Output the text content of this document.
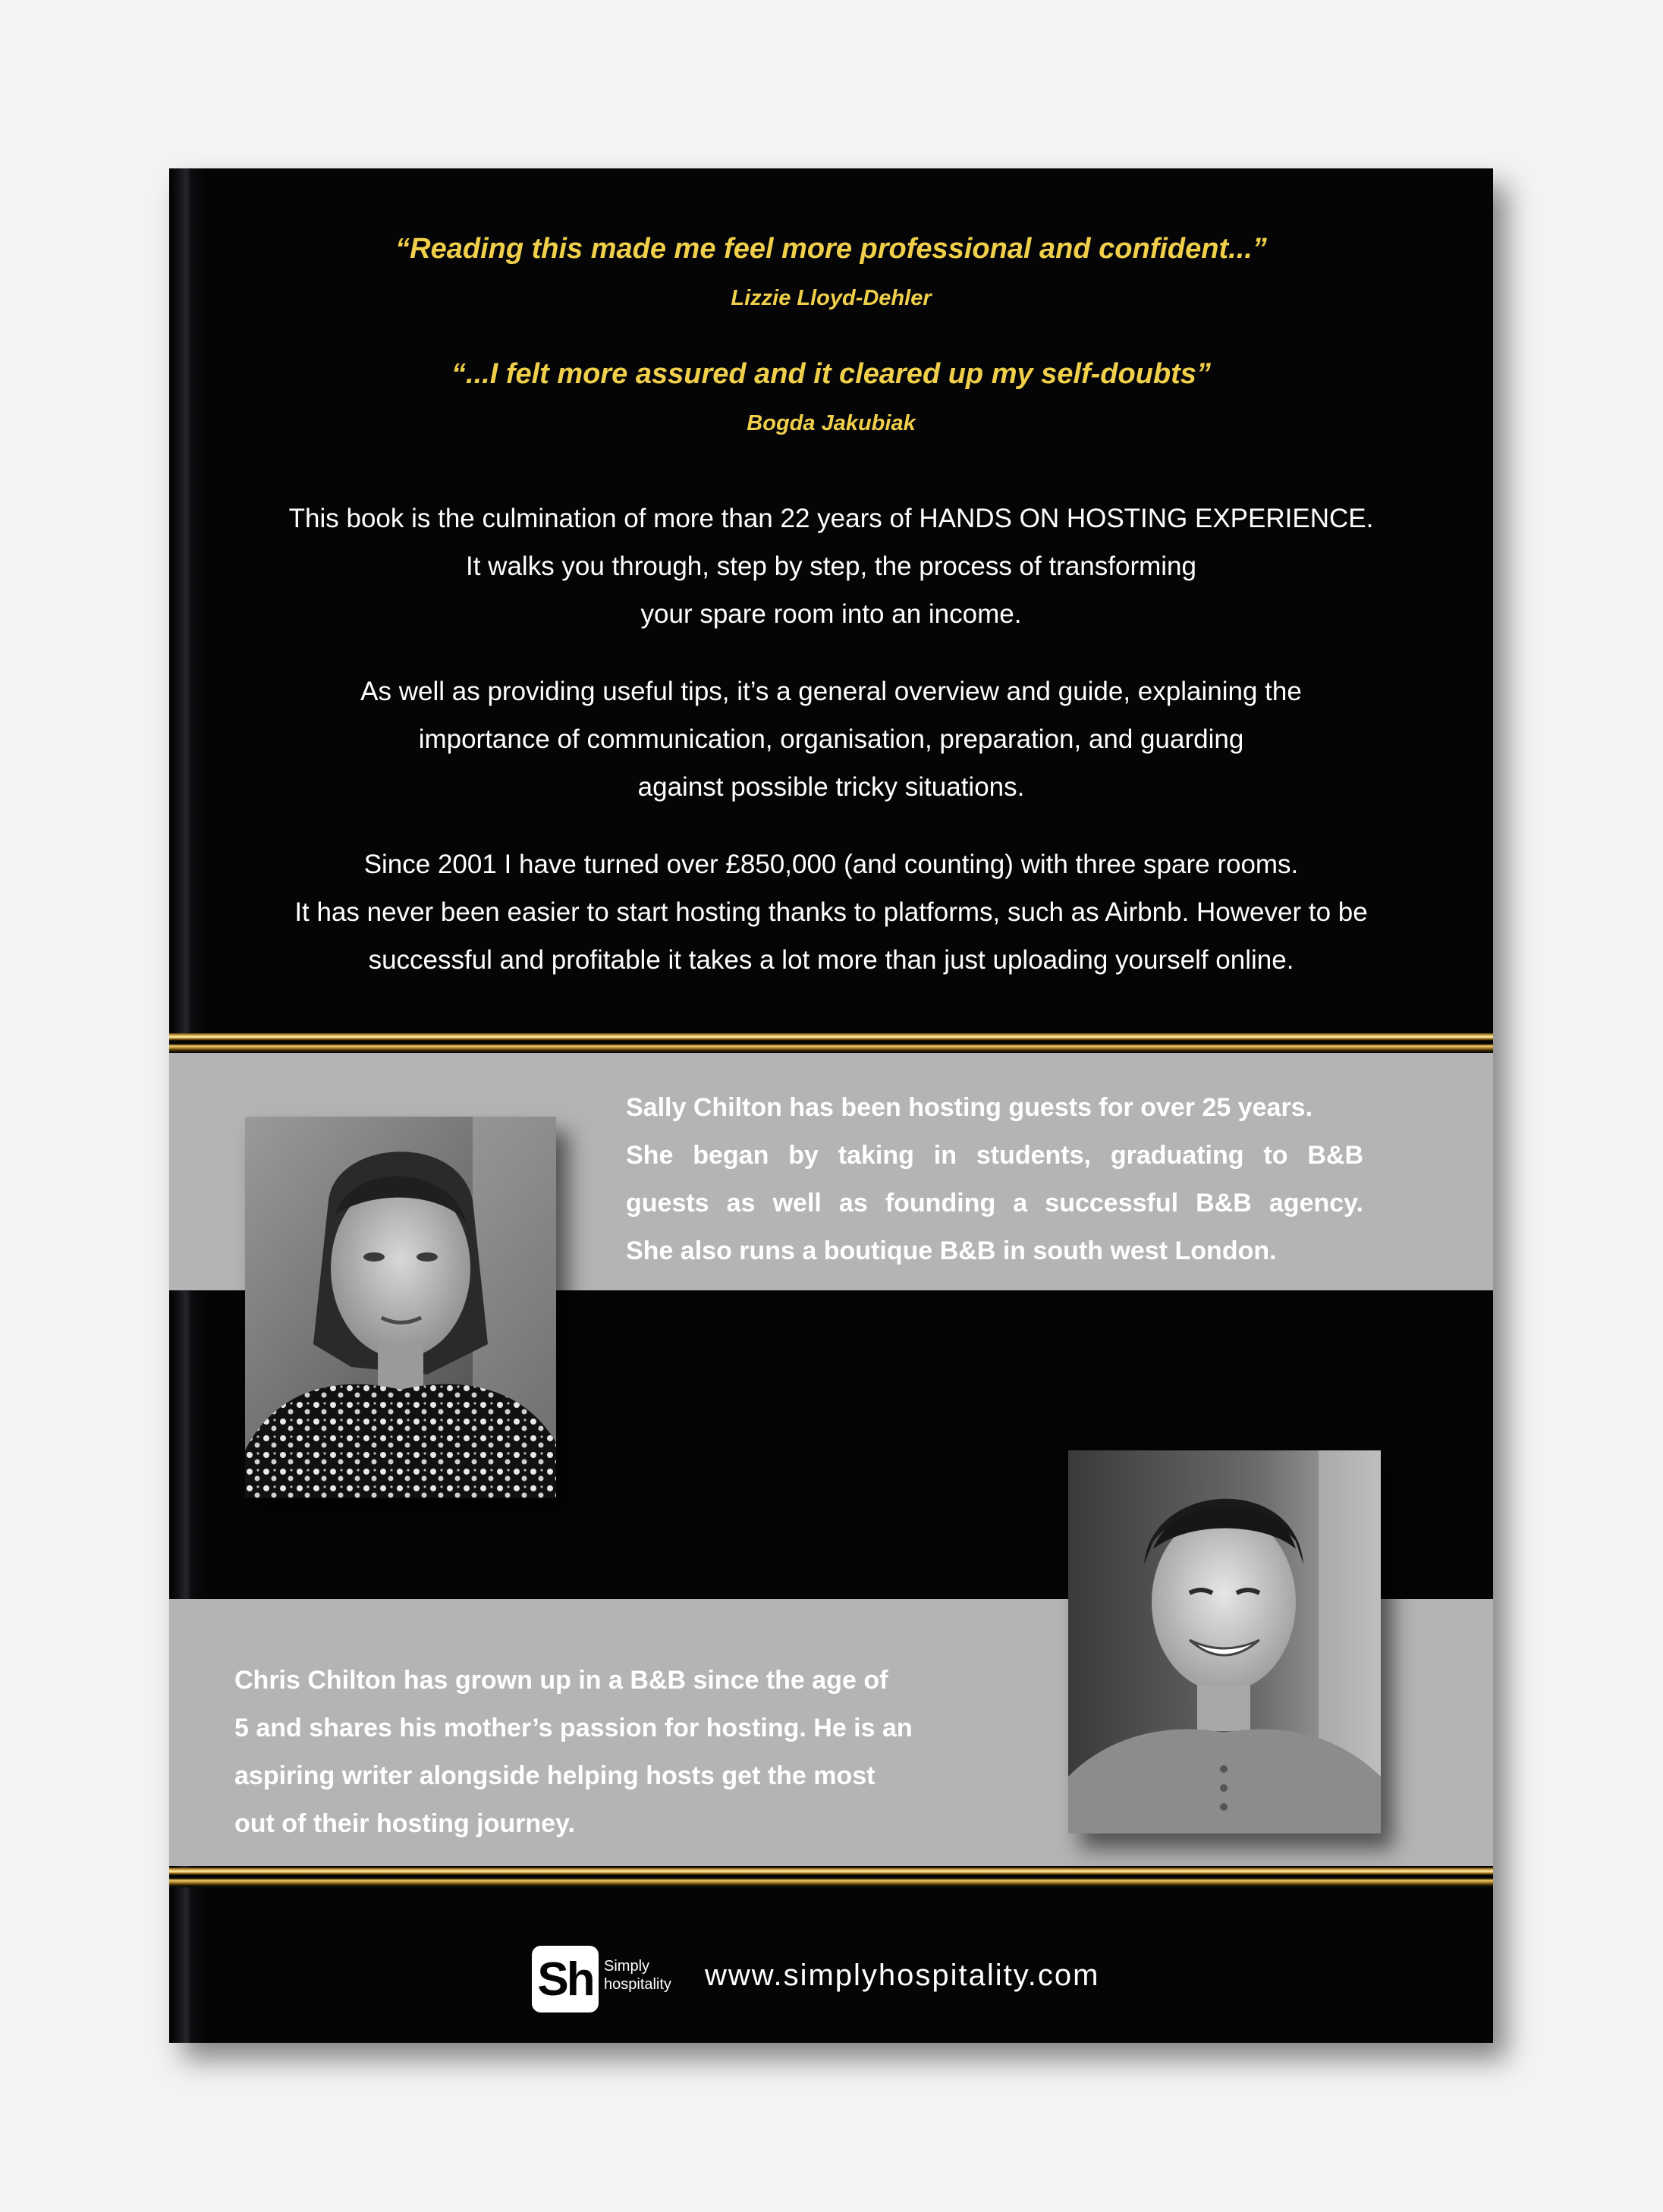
“Reading this made me feel more professional and confident...”
Lizzie Lloyd-Dehler
“...I felt more assured and it cleared up my self-doubts”
Bogda Jakubiak
This book is the culmination of more than 22 years of HANDS ON HOSTING EXPERIENCE.
It walks you through, step by step, the process of transforming
your spare room into an income.
As well as providing useful tips, it’s a general overview and guide, explaining the
importance of communication, organisation, preparation, and guarding
against possible tricky situations.
Since 2001 I have turned over £850,000 (and counting) with three spare rooms.
It has never been easier to start hosting thanks to platforms, such as Airbnb. However to be
successful and profitable it takes a lot more than just uploading yourself online.
Sally Chilton has been hosting guests for over 25 years.
She began by taking in students, graduating to B&B
guests as well as founding a successful B&B agency.
She also runs a boutique B&B in south west London.
Chris Chilton has grown up in a B&B since the age of
5 and shares his mother’s passion for hosting. He is an
aspiring writer alongside helping hosts get the most
out of their hosting journey.
Sh Simply
hospitality www.simplyhospitality.com
